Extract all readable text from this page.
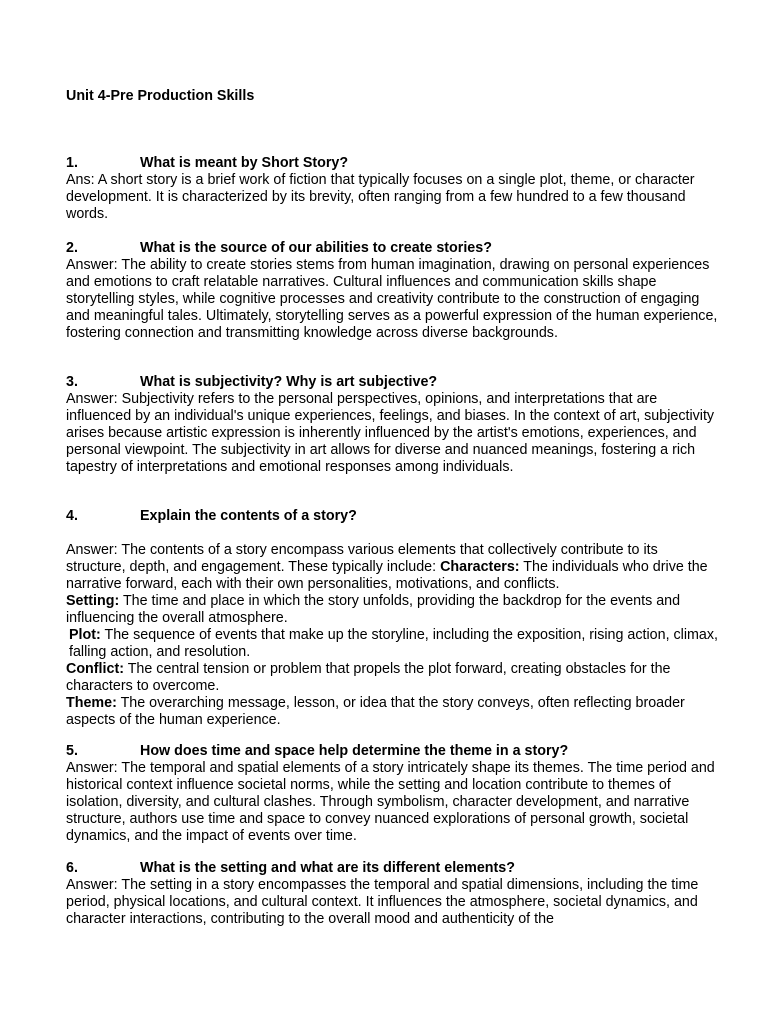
Unit 4-Pre Production Skills
1.	What is meant by Short Story?

Ans: A short story is a brief work of fiction that typically focuses on a single plot, theme, or character development. It is characterized by its brevity, often ranging from a few hundred to a few thousand words.

2.	What is the source of our abilities to create stories?

Answer: The ability to create stories stems from human imagination, drawing on personal experiences and emotions to craft relatable narratives. Cultural influences and communication skills shape storytelling styles, while cognitive processes and creativity contribute to the construction of engaging and meaningful tales. Ultimately, storytelling serves as a powerful expression of the human experience, fostering connection and transmitting knowledge across diverse backgrounds.

3.	What is subjectivity? Why is art subjective?

Answer: Subjectivity refers to the personal perspectives, opinions, and interpretations that are influenced by an individual's unique experiences, feelings, and biases. In the context of art, subjectivity arises because artistic expression is inherently influenced by the artist's emotions, experiences, and personal viewpoint. The subjectivity in art allows for diverse and nuanced meanings, fostering a rich tapestry of interpretations and emotional responses among individuals.

4.	Explain the contents of a story?

Answer: The contents of a story encompass various elements that collectively contribute to its structure, depth, and engagement. These typically include: Characters: The individuals who drive the narrative forward, each with their own personalities, motivations, and conflicts.
Setting: The time and place in which the story unfolds, providing the backdrop for the events and influencing the overall atmosphere.
Plot: The sequence of events that make up the storyline, including the exposition, rising action, climax, falling action, and resolution.
Conflict: The central tension or problem that propels the plot forward, creating obstacles for the characters to overcome.
Theme: The overarching message, lesson, or idea that the story conveys, often reflecting broader aspects of the human experience.

5.	How does time and space help determine the theme in a story?

Answer: The temporal and spatial elements of a story intricately shape its themes. The time period and historical context influence societal norms, while the setting and location contribute to themes of isolation, diversity, and cultural clashes. Through symbolism, character development, and narrative structure, authors use time and space to convey nuanced explorations of personal growth, societal dynamics, and the impact of events over time.

6.	What is the setting and what are its different elements?

Answer: The setting in a story encompasses the temporal and spatial dimensions, including the time period, physical locations, and cultural context. It influences the atmosphere, societal dynamics, and character interactions, contributing to the overall mood and authenticity of the
